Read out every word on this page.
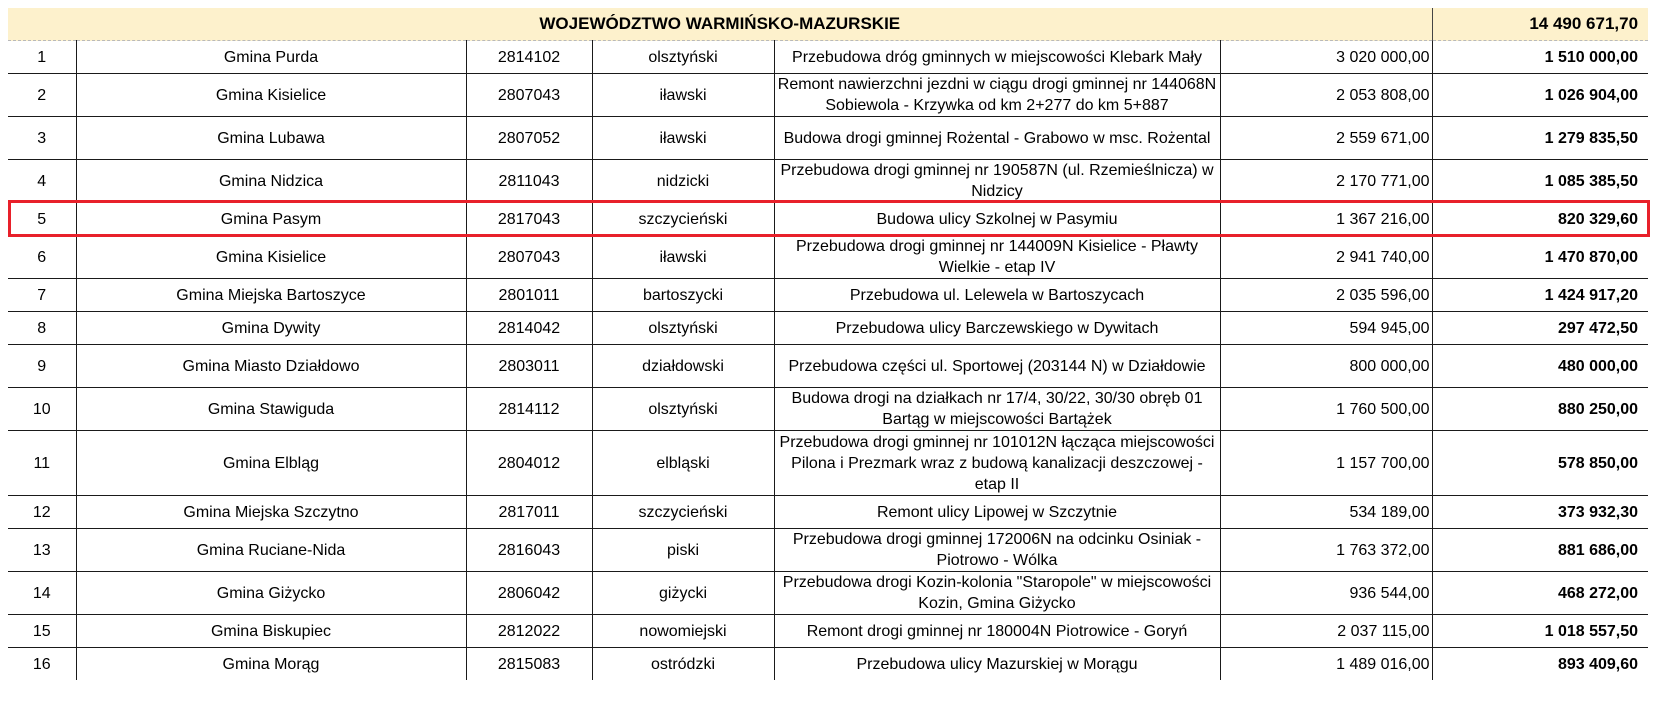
WOJEWÓDZTWO WARMIŃSKO-MAZURSKIE						14 490 671,70
1	Gmina Purda	2814102	olsztyński	Przebudowa dróg gminnych w miejscowości Klebark Mały	3 020 000,00	1 510 000,00
2	Gmina Kisielice	2807043	iławski	Remont nawierzchni jezdni w ciągu drogi gminnej nr 144068N Sobiewola - Krzywka od km 2+277 do km 5+887	2 053 808,00	1 026 904,00
3	Gmina Lubawa	2807052	iławski	Budowa drogi gminnej Rożental - Grabowo w msc. Rożental	2 559 671,00	1 279 835,50
4	Gmina Nidzica	2811043	nidzicki	Przebudowa drogi gminnej nr 190587N (ul. Rzemieślnicza) w Nidzicy	2 170 771,00	1 085 385,50
5	Gmina Pasym	2817043	szczycieński	Budowa ulicy Szkolnej w Pasymiu	1 367 216,00	820 329,60
6	Gmina Kisielice	2807043	iławski	Przebudowa drogi gminnej nr 144009N Kisielice - Pławty Wielkie - etap IV	2 941 740,00	1 470 870,00
7	Gmina Miejska Bartoszyce	2801011	bartoszycki	Przebudowa ul. Lelewela w Bartoszycach	2 035 596,00	1 424 917,20
8	Gmina Dywity	2814042	olsztyński	Przebudowa ulicy Barczewskiego w Dywitach	594 945,00	297 472,50
9	Gmina Miasto Działdowo	2803011	działdowski	Przebudowa części ul. Sportowej (203144 N) w Działdowie	800 000,00	480 000,00
10	Gmina Stawiguda	2814112	olsztyński	Budowa drogi na działkach nr 17/4, 30/22, 30/30 obręb 01 Bartąg w miejscowości Bartążek	1 760 500,00	880 250,00
11	Gmina Elbląg	2804012	elbląski	Przebudowa drogi gminnej nr 101012N łącząca miejscowości Pilona i Prezmark wraz z budową kanalizacji deszczowej - etap II	1 157 700,00	578 850,00
12	Gmina Miejska Szczytno	2817011	szczycieński	Remont ulicy Lipowej w Szczytnie	534 189,00	373 932,30
13	Gmina Ruciane-Nida	2816043	piski	Przebudowa drogi gminnej 172006N na odcinku Osiniak - Piotrowo - Wólka	1 763 372,00	881 686,00
14	Gmina Giżycko	2806042	giżycki	Przebudowa drogi Kozin-kolonia "Staropole" w miejscowości Kozin, Gmina Giżycko	936 544,00	468 272,00
15	Gmina Biskupiec	2812022	nowomiejski	Remont drogi gminnej nr 180004N Piotrowice - Goryń	2 037 115,00	1 018 557,50
16	Gmina Morąg	2815083	ostródzki	Przebudowa ulicy Mazurskiej w Morągu	1 489 016,00	893 409,60
